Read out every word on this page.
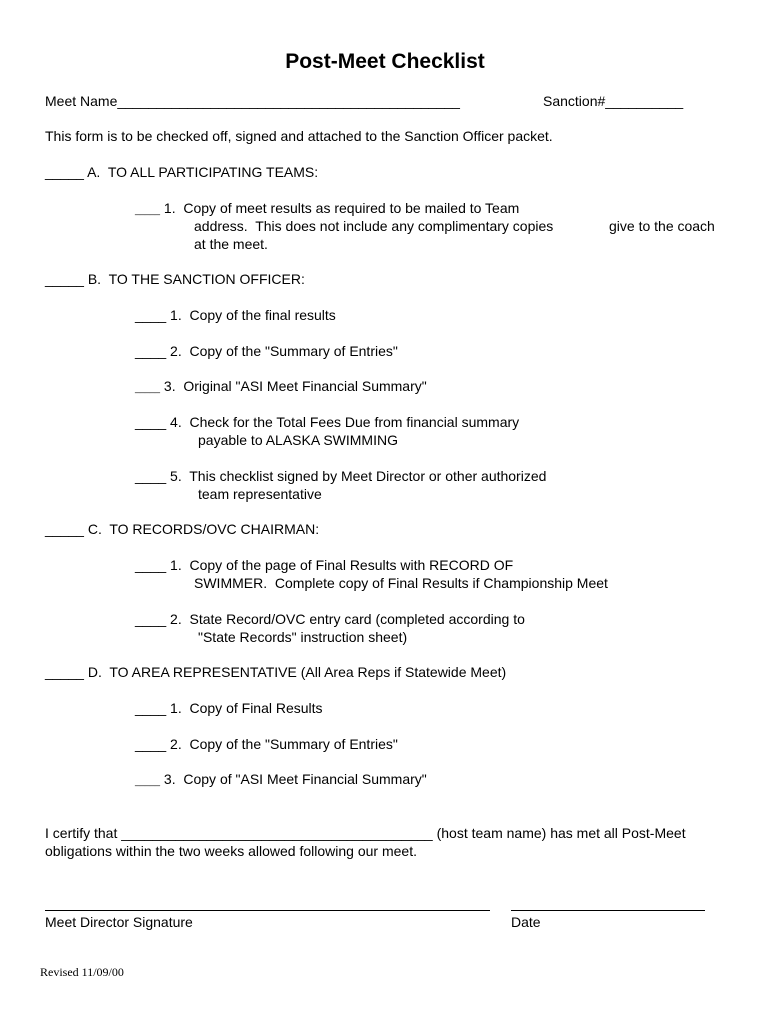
Post-Meet Checklist
Meet Name____________________________________________	Sanction#__________
This form is to be checked off, signed and attached to the Sanction Officer packet.
_____ A.  TO ALL PARTICIPATING TEAMS:
_____ 1.  Copy of meet results as required to be mailed to Team
address.  This does not include any complimentary copies	give to the coach
at the meet.
_____ B.  TO THE SANCTION OFFICER:
____ 1.  Copy of the final results
____ 2.  Copy of the "Summary of Entries"
_____ 3.  Original "ASI Meet Financial Summary"
____ 4.  Check for the Total Fees Due from financial summary
payable to ALASKA SWIMMING
____ 5.  This checklist signed by Meet Director or other authorized
team representative
_____ C.  TO RECORDS/OVC CHAIRMAN:
____ 1.  Copy of the page of Final Results with RECORD OF
SWIMMER.  Complete copy of Final Results if Championship Meet
____ 2.  State Record/OVC entry card (completed according to
"State Records" instruction sheet)
_____ D.  TO AREA REPRESENTATIVE (All Area Reps if Statewide Meet)
____ 1.  Copy of Final Results
____ 2.  Copy of the "Summary of Entries"
_____ 3.  Copy of "ASI Meet Financial Summary"
I certify that ________________________________________ (host team name) has met all Post-Meet
obligations within the two weeks allowed following our meet.
Meet Director Signature	Date
Revised 11/09/00
